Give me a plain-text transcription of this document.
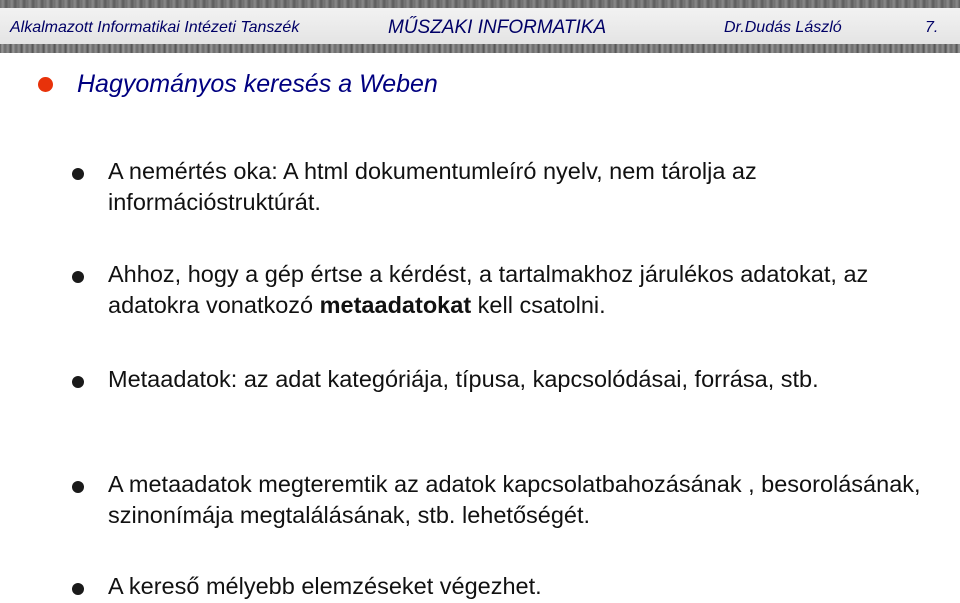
Alkalmazott Informatikai Intézeti Tanszék	MŰSZAKI INFORMATIKA	Dr.Dudás László	7.
Hagyományos keresés a Weben
A nemértés oka: A html dokumentumleíró nyelv, nem tárolja az információstruktúrát.
Ahhoz, hogy a gép értse a kérdést, a tartalmakhoz járulékos adatokat, az adatokra vonatkozó metaadatokat kell csatolni.
Metaadatok: az adat kategóriája, típusa, kapcsolódásai, forrása, stb.
A metaadatok megteremtik az adatok kapcsolatbahozásának , besorolásának, szinonímája megtalálásának, stb. lehetőségét.
A kereső mélyebb elemzéseket végezhet.
